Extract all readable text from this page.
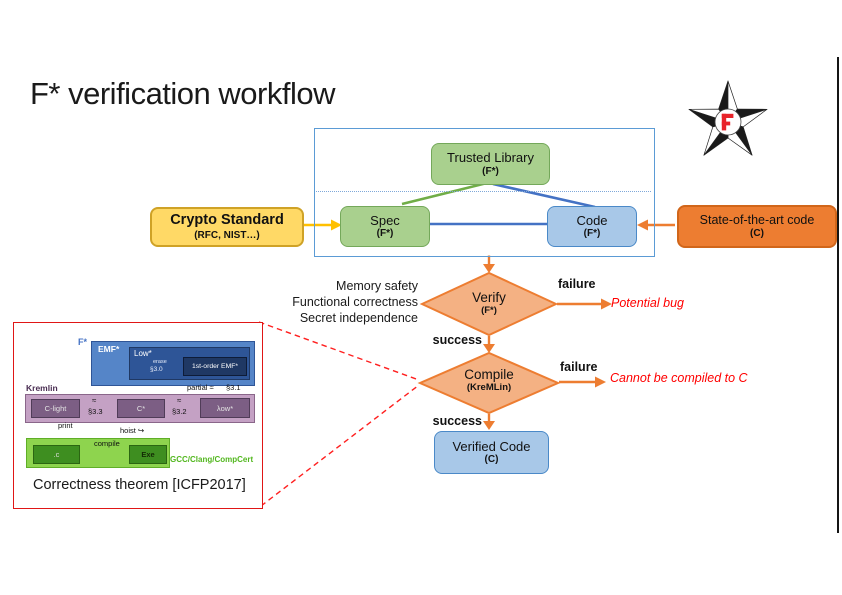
F* verification workflow
Trusted Library
(F*)
Spec
(F*)
Code
(F*)
Crypto Standard
(RFC, NIST…)
State-of-the-art code
(C)
Verified Code
(C)
Verify
(F*)
Compile
(KreMLin)
Memory safety
Functional correctness
Secret independence
failure
Potential bug
success
failure
Cannot be compiled to C
success
F*
EMF* Low*
erase
§3.0	1st-order EMF*
partial ≈ §3.1
Kremlin
C-light	C*	λow*
≈
§3.3
≈
§3.2
print
hoist ↪
.c	Exe
compile
GCC/Clang/CompCert
Correctness theorem [ICFP2017]
